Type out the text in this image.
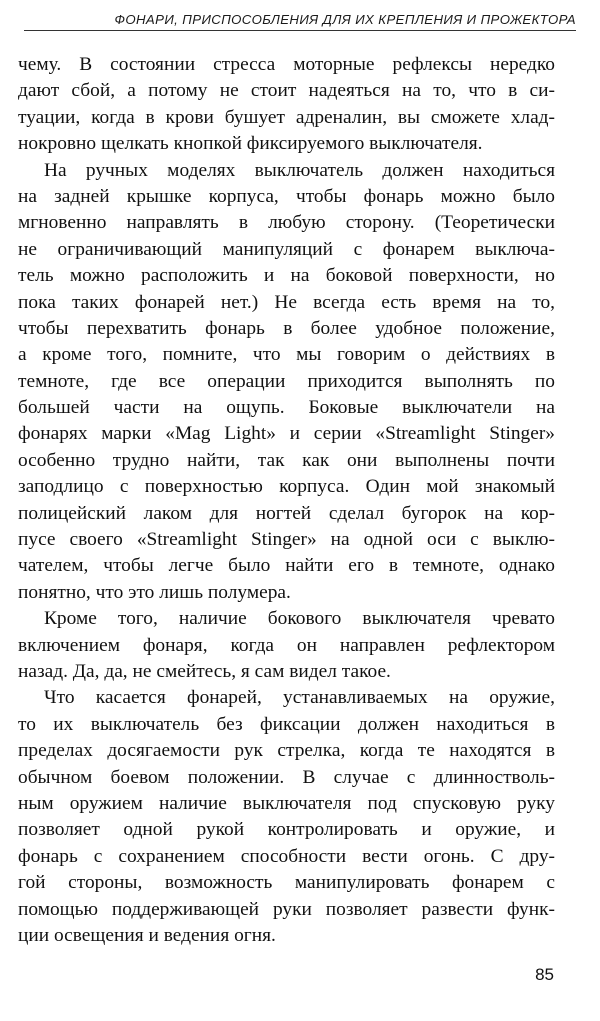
ФОНАРИ, ПРИСПОСОБЛЕНИЯ ДЛЯ ИХ КРЕПЛЕНИЯ И ПРОЖЕКТОРА
чему. В состоянии стресса моторные рефлексы нередко
дают сбой, а потому не стоит надеяться на то, что в си-
туации, когда в крови бушует адреналин, вы сможете хлад-
нокровно щелкать кнопкой фиксируемого выключателя.
На ручных моделях выключатель должен находиться
на задней крышке корпуса, чтобы фонарь можно было
мгновенно направлять в любую сторону. (Теоретически
не ограничивающий манипуляций с фонарем выключа-
тель можно расположить и на боковой поверхности, но
пока таких фонарей нет.) Не всегда есть время на то,
чтобы перехватить фонарь в более удобное положение,
а кроме того, помните, что мы говорим о действиях в
темноте, где все операции приходится выполнять по
большей части на ощупь. Боковые выключатели на
фонарях марки «Mag Light» и серии «Streamlight Stinger»
особенно трудно найти, так как они выполнены почти
заподлицо с поверхностью корпуса. Один мой знакомый
полицейский лаком для ногтей сделал бугорок на кор-
пусе своего «Streamlight Stinger» на одной оси с выклю-
чателем, чтобы легче было найти его в темноте, однако
понятно, что это лишь полумера.
Кроме того, наличие бокового выключателя чревато
включением фонаря, когда он направлен рефлектором
назад. Да, да, не смейтесь, я сам видел такое.
Что касается фонарей, устанавливаемых на оружие,
то их выключатель без фиксации должен находиться в
пределах досягаемости рук стрелка, когда те находятся в
обычном боевом положении. В случае с длинностволь-
ным оружием наличие выключателя под спусковую руку
позволяет одной рукой контролировать и оружие, и
фонарь с сохранением способности вести огонь. С дру-
гой стороны, возможность манипулировать фонарем с
помощью поддерживающей руки позволяет развести функ-
ции освещения и ведения огня.
85
